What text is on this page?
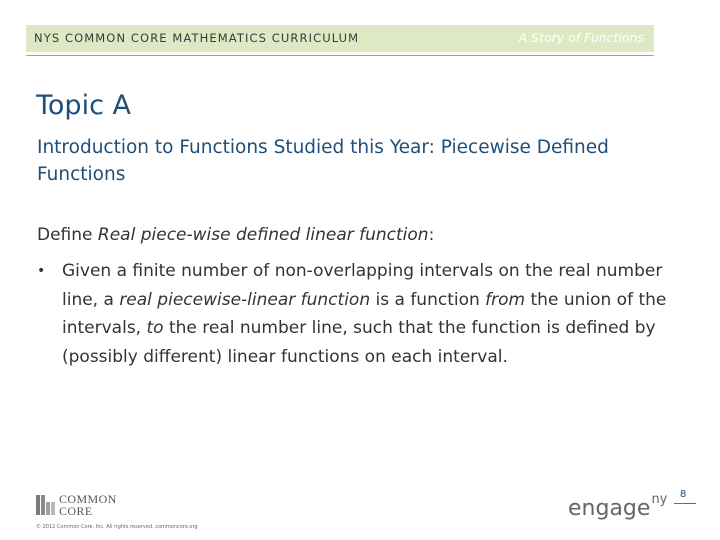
NYS COMMON CORE MATHEMATICS CURRICULUM	A Story of Functions
Topic A
Introduction to Functions Studied this Year: Piecewise Defined Functions
Define Real piece-wise defined linear function:
• Given a finite number of non-overlapping intervals on the real number line, a real piecewise-linear function is a function from the union of the intervals, to the real number line, such that the function is defined by (possibly different) linear functions on each interval.
COMMON
CORE
© 2012 Common Core, Inc. All rights reserved. commoncore.org
engage$^{ny}$ 8
